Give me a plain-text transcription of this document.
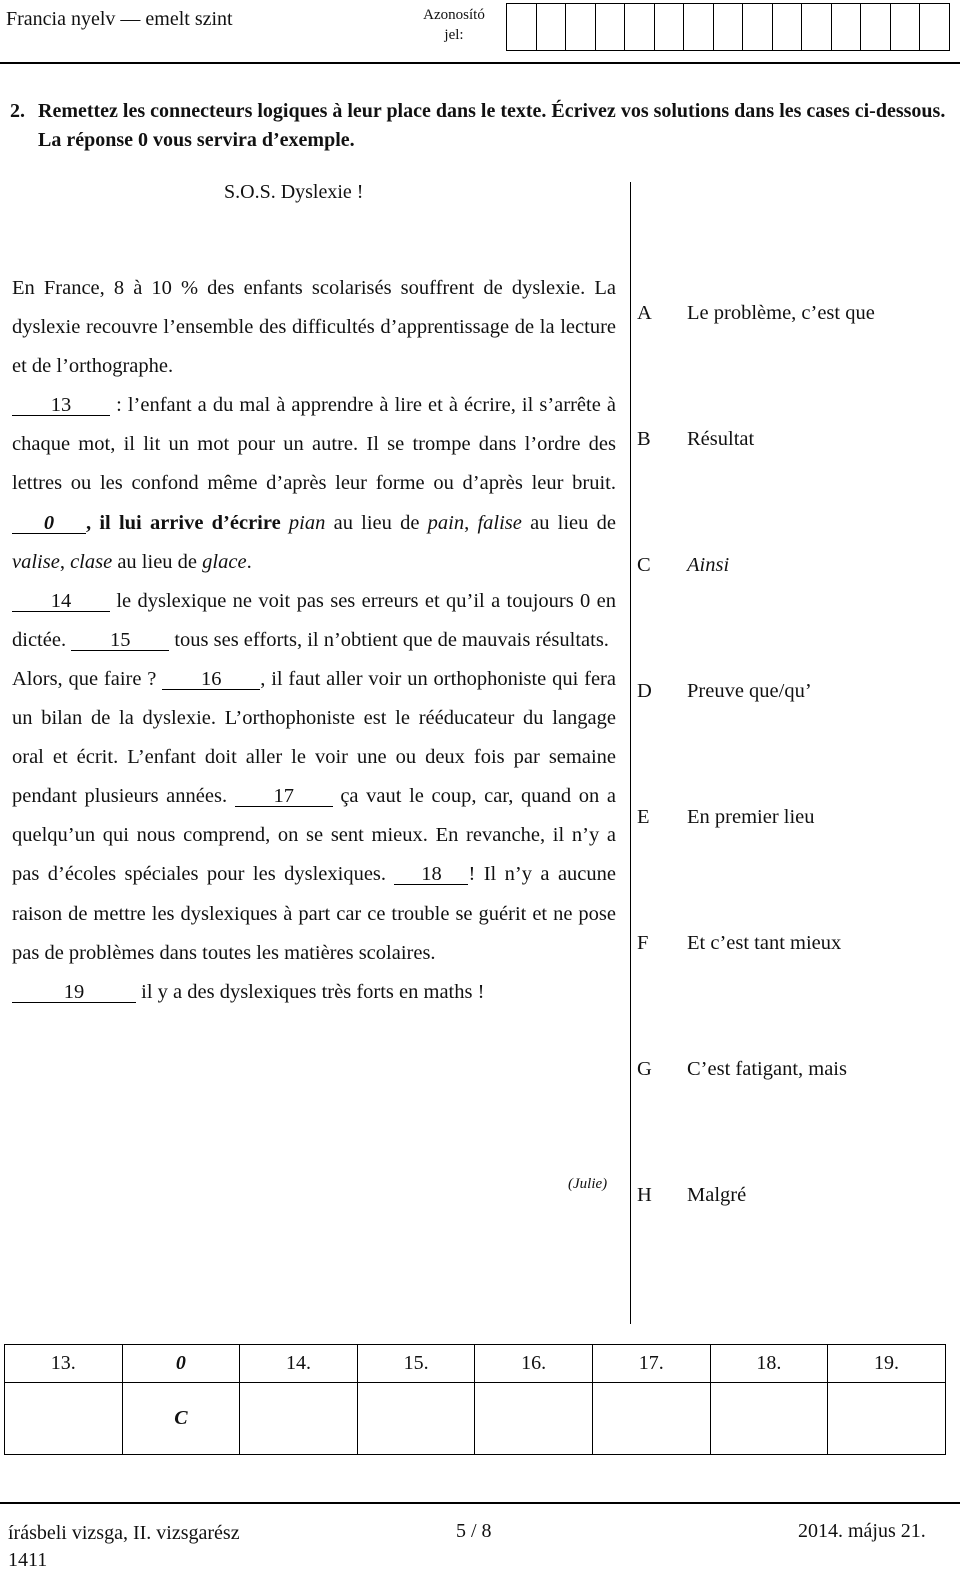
Francia nyelv — emelt szint	Azonosító
jel:
2. Remettez les connecteurs logiques à leur place dans le texte. Écrivez vos solutions dans les cases ci-dessous. La réponse 0 vous servira d’exemple.
S.O.S. Dyslexie !
En France, 8 à 10 % des enfants scolarisés souffrent de dyslexie. La dyslexie recouvre l’ensemble des difficultés d’apprentissage de la lecture et de l’orthographe.
13 : l’enfant a du mal à apprendre à lire et à écrire, il s’arrête à chaque mot, il lit un mot pour un autre. Il se trompe dans l’ordre des lettres ou les confond même d’après leur forme ou d’après leur bruit. 0 , il lui arrive d’écrire pian au lieu de pain, falise au lieu de valise, clase au lieu de glace.
14 le dyslexique ne voit pas ses erreurs et qu’il a toujours 0 en dictée. 15 tous ses efforts, il n’obtient que de mauvais résultats.
Alors, que faire ? 16 , il faut aller voir un orthophoniste qui fera un bilan de la dyslexie. L’orthophoniste est le rééducateur du langage oral et écrit. L’enfant doit aller le voir une ou deux fois par semaine pendant plusieurs années. 17 ça vaut le coup, car, quand on a quelqu’un qui nous comprend, on se sent mieux. En revanche, il n’y a pas d’écoles spéciales pour les dyslexiques. 18 ! Il n’y a aucune raison de mettre les dyslexiques à part car ce trouble se guérit et ne pose pas de problèmes dans toutes les matières scolaires.
19	il y a des dyslexiques très forts en maths !
(Julie)
A Le problème, c’est que
B Résultat
C Ainsi
D Preuve que/qu’
E En premier lieu
F Et c’est tant mieux
G C’est fatigant, mais
H Malgré
13.	0	14.	15.	16.	17.	18.	19.
	C						
írásbeli vizsga, II. vizsgarész
1411
5 / 8	2014. május 21.
